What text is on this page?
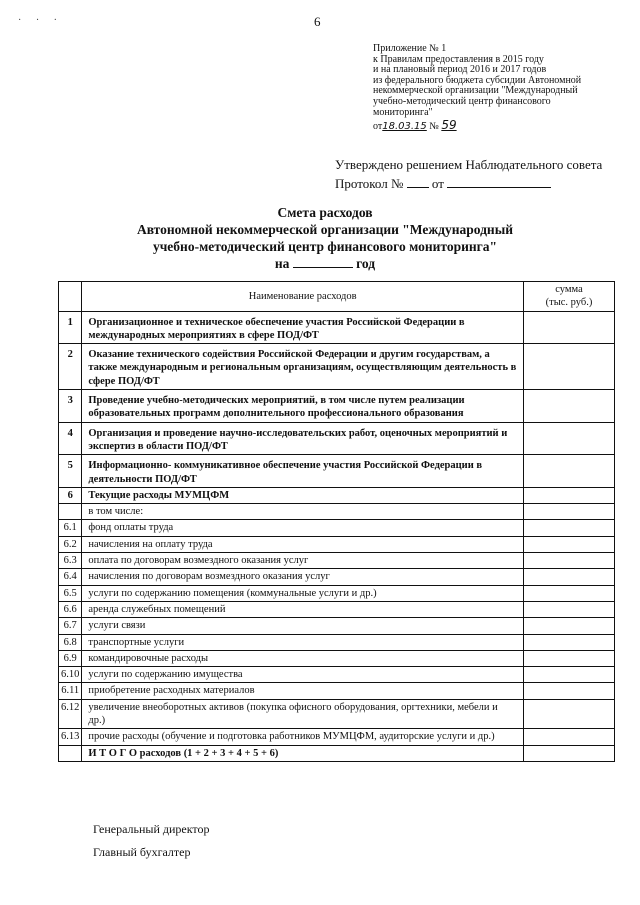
· · ·	6
Приложение № 1
к Правилам предоставления в 2015 году
и на плановый период 2016 и 2017 годов
из федерального бюджета субсидии Автономной
некоммерческой организации "Международный
учебно-методический центр финансового
мониторинга"
от18.03.15 № 59
Утверждено решением Наблюдательного совета
Протокол № от
Смета расходов
Автономной некоммерческой организации "Международный
учебно-методический центр финансового мониторинга"
на	год
	Наименование расходов	сумма
(тыс. руб.)

1	Организационное и техническое обеспечение участия Российской Федерации в международных мероприятиях в сфере ПОД/ФТ	
2	Оказание технического содействия Российской Федерации и другим государствам, а также международным и региональным организациям, осуществляющим деятельность в сфере ПОД/ФТ	
3	Проведение учебно-методических мероприятий, в том числе путем реализации образовательных программ дополнительного профессионального образования	
4	Организация и проведение научно-исследовательских работ, оценочных мероприятий и экспертиз в области ПОД/ФТ	
5	Информационно- коммуникативное обеспечение участия Российской Федерации в деятельности ПОД/ФТ	
6	Текущие расходы МУМЦФМ	
	в том числе:	
6.1	фонд оплаты труда	
6.2	начисления на оплату труда	
6.3	оплата по договорам возмездного оказания услуг	
6.4	начисления по договорам возмездного оказания услуг	
6.5	услуги по содержанию помещения (коммунальные услуги и др.)	
6.6	аренда служебных помещений	
6.7	услуги связи	
6.8	транспортные услуги	
6.9	командировочные расходы	
6.10	услуги по содержанию имущества	
6.11	приобретение расходных материалов	
6.12	увеличение внеоборотных активов (покупка офисного оборудования, оргтехники, мебели и др.)	
6.13	прочие расходы (обучение и подготовка работников МУМЦФМ, аудиторские услуги и др.)	
	И Т О Г О расходов (1 + 2 + 3 + 4 + 5 + 6)	
Генеральный директор
Главный бухгалтер
